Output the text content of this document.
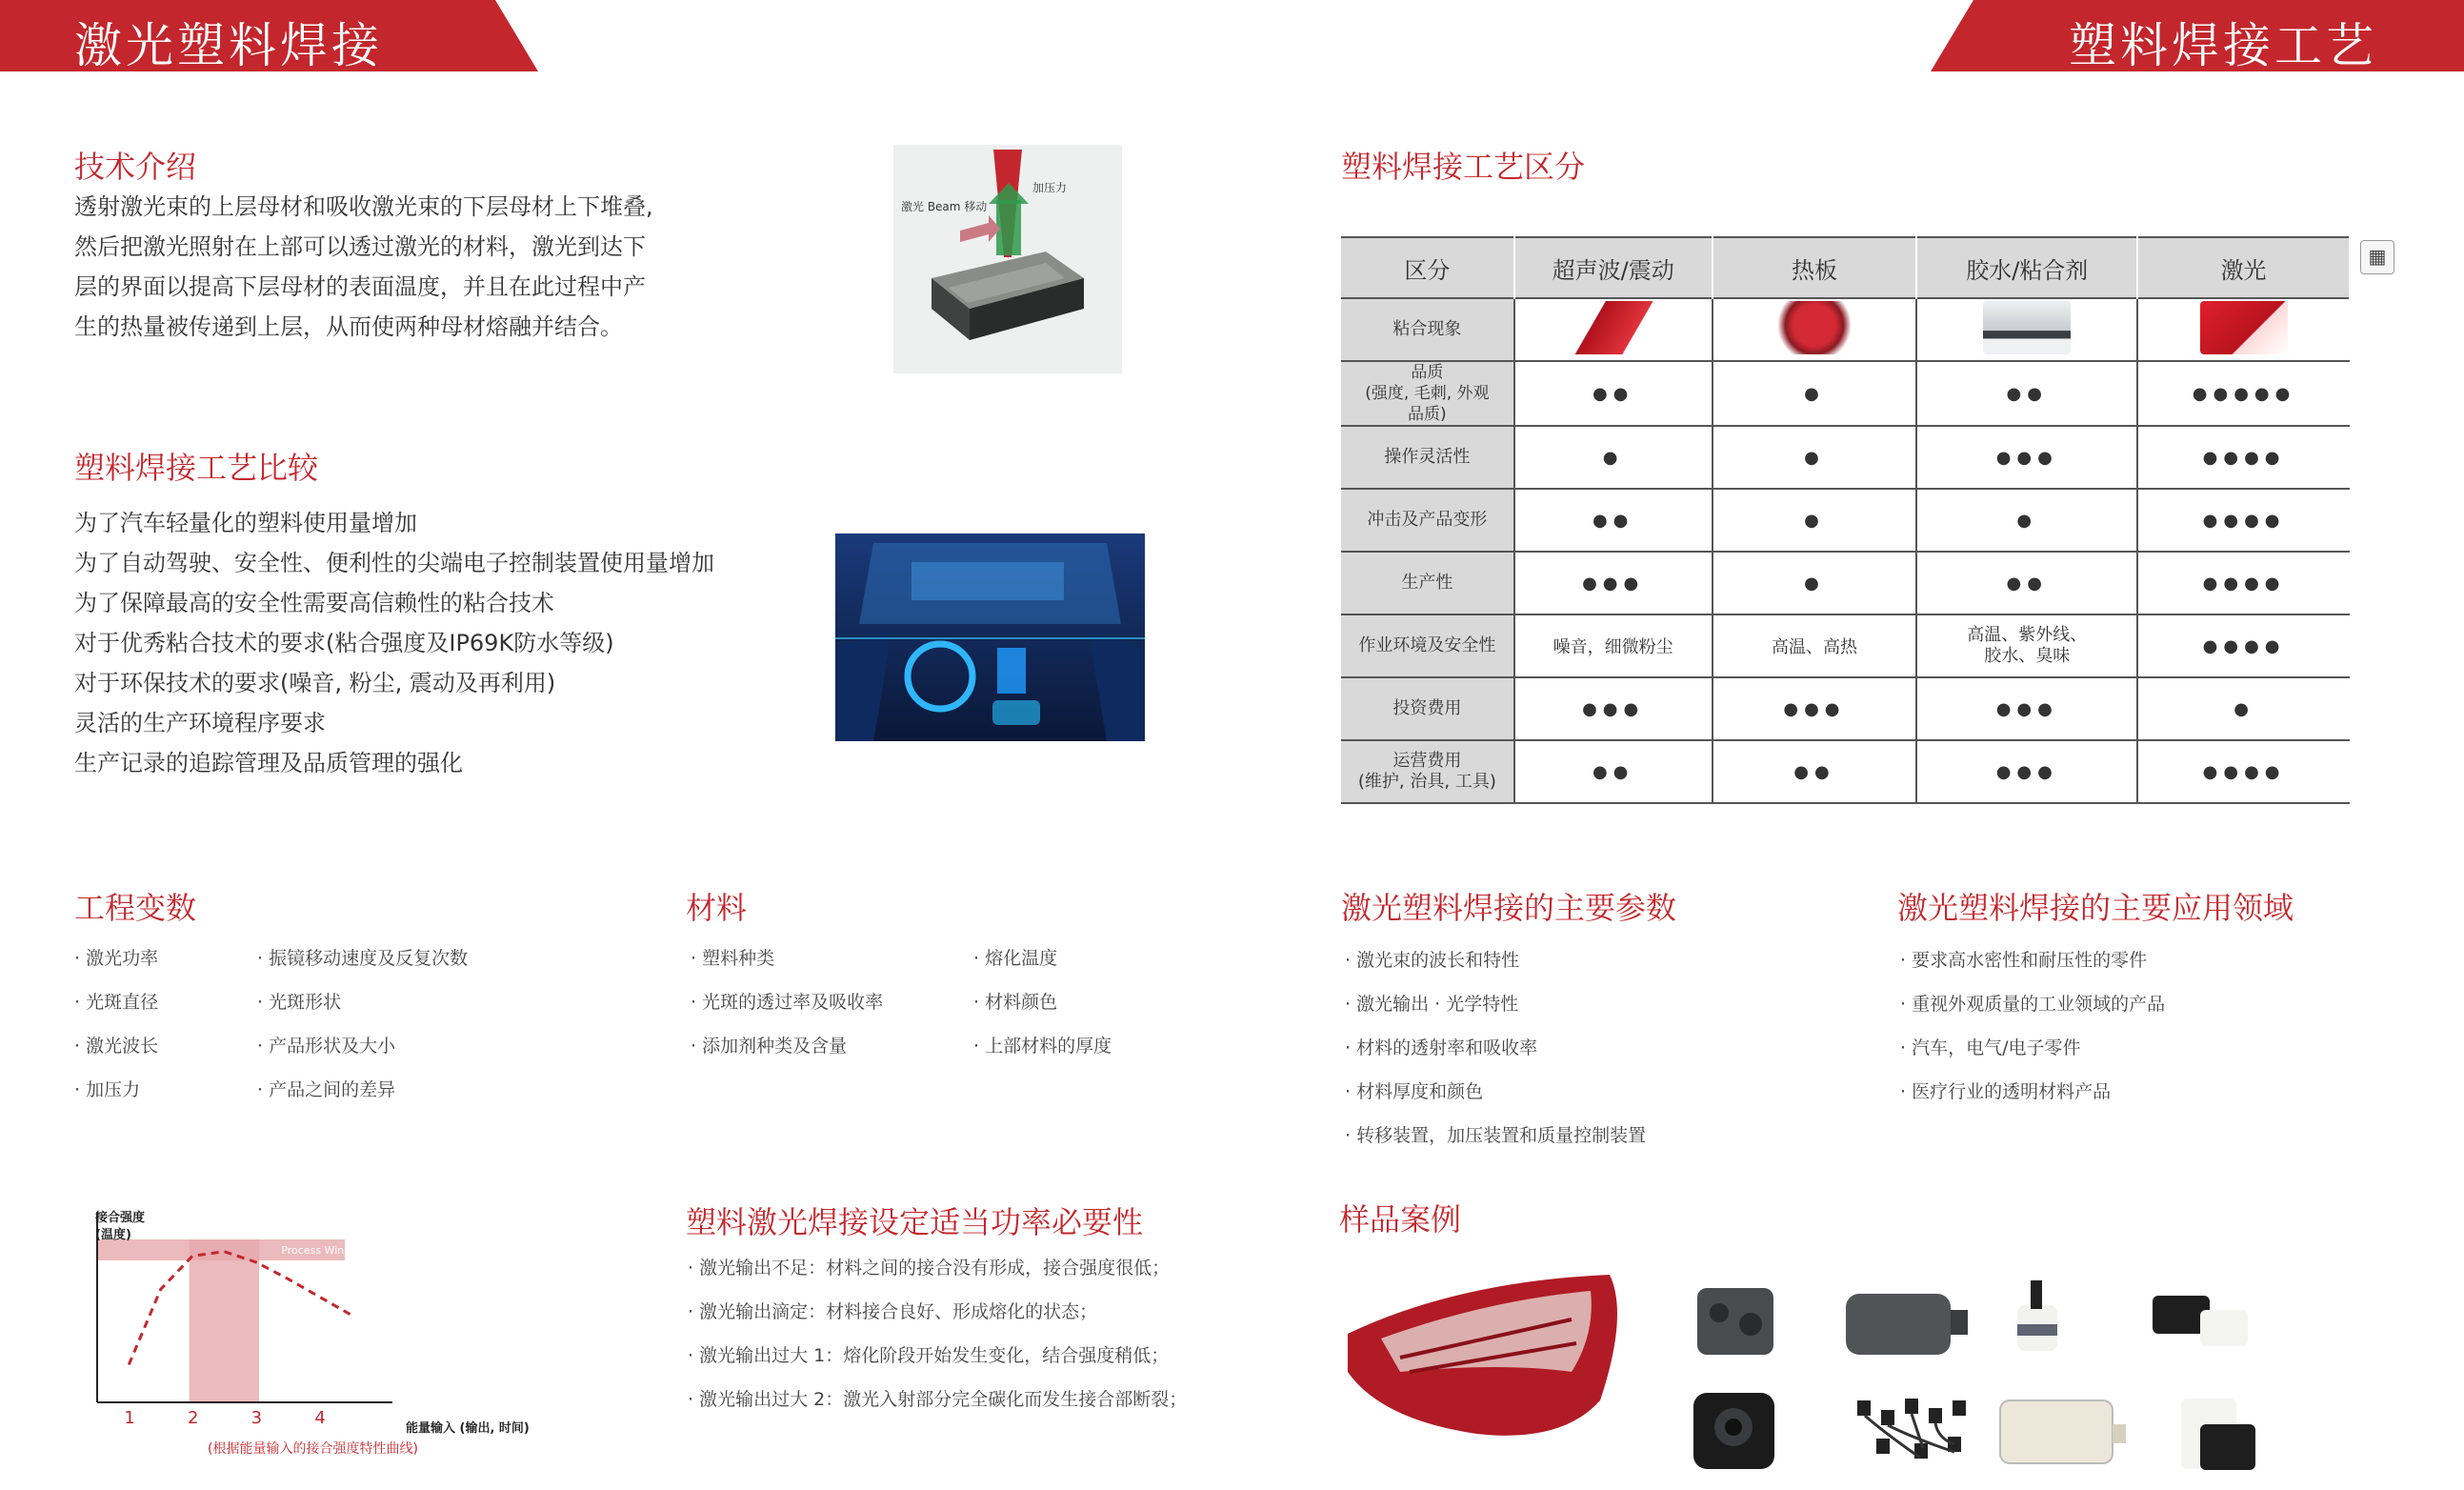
激光塑料焊接	塑料焊接工艺
技术介绍
透射激光束的上层母材和吸收激光束的下层母材上下堆叠,
然后把激光照射在上部可以透过激光的材料，激光到达下
层的界面以提高下层母材的表面温度，并且在此过程中产
生的热量被传递到上层，从而使两种母材熔融并结合。
激光 Beam 移动
加压力
塑料焊接工艺比较
为了汽车轻量化的塑料使用量增加
为了自动驾驶、安全性、便利性的尖端电子控制装置使用量增加
为了保障最高的安全性需要高信赖性的粘合技术
对于优秀粘合技术的要求(粘合强度及IP69K防水等级)
对于环保技术的要求(噪音, 粉尘, 震动及再利用)
灵活的生产环境程序要求
生产记录的追踪管理及品质管理的强化
塑料焊接工艺区分
▦
区分	超声波/震动	热板	胶水/粘合剂	激光
粘合现象				
品质
(强度, 毛刺, 外观
品质)	●●	●	●●	●●●●●
操作灵活性	●	●	●●●	●●●●
冲击及产品变形	●●	●	●	●●●●
生产性	●●●	●	●●	●●●●
作业环境及安全性	噪音，细微粉尘	高温、高热	高温、紫外线、
胶水、臭味	●●●●
投资费用	●●●	●●●	●●●	●
运营费用
(维护, 治具, 工具)	●●	●●	●●●	●●●●
工程变数
· 激光功率
· 光斑直径
· 激光波长
· 加压力
· 振镜移动速度及反复次数
· 光斑形状
· 产品形状及大小
· 产品之间的差异
材料
· 塑料种类
· 光斑的透过率及吸收率
· 添加剂种类及含量
· 熔化温度
· 材料颜色
· 上部材料的厚度
激光塑料焊接的主要参数
· 激光束的波长和特性
· 激光输出 · 光学特性
· 材料的透射率和吸收率
· 材料厚度和颜色
· 转移装置，加压装置和质量控制装置
激光塑料焊接的主要应用领域
· 要求高水密性和耐压性的零件
· 重视外观质量的工业领域的产品
· 汽车，电气/电子零件
· 医疗行业的透明材料产品
塑料激光焊接设定适当功率必要性
· 激光输出不足：材料之间的接合没有形成，接合强度很低；
· 激光输出滴定：材料接合良好、形成熔化的状态；
· 激光输出过大 1：熔化阶段开始发生变化，结合强度稍低；
· 激光输出过大 2：激光入射部分完全碳化而发生接合部断裂；
Process Windows
1	2	3	4
接合强度
(温度)
能量输入 (输出, 时间)
(根据能量输入的接合强度特性曲线)
样品案例
